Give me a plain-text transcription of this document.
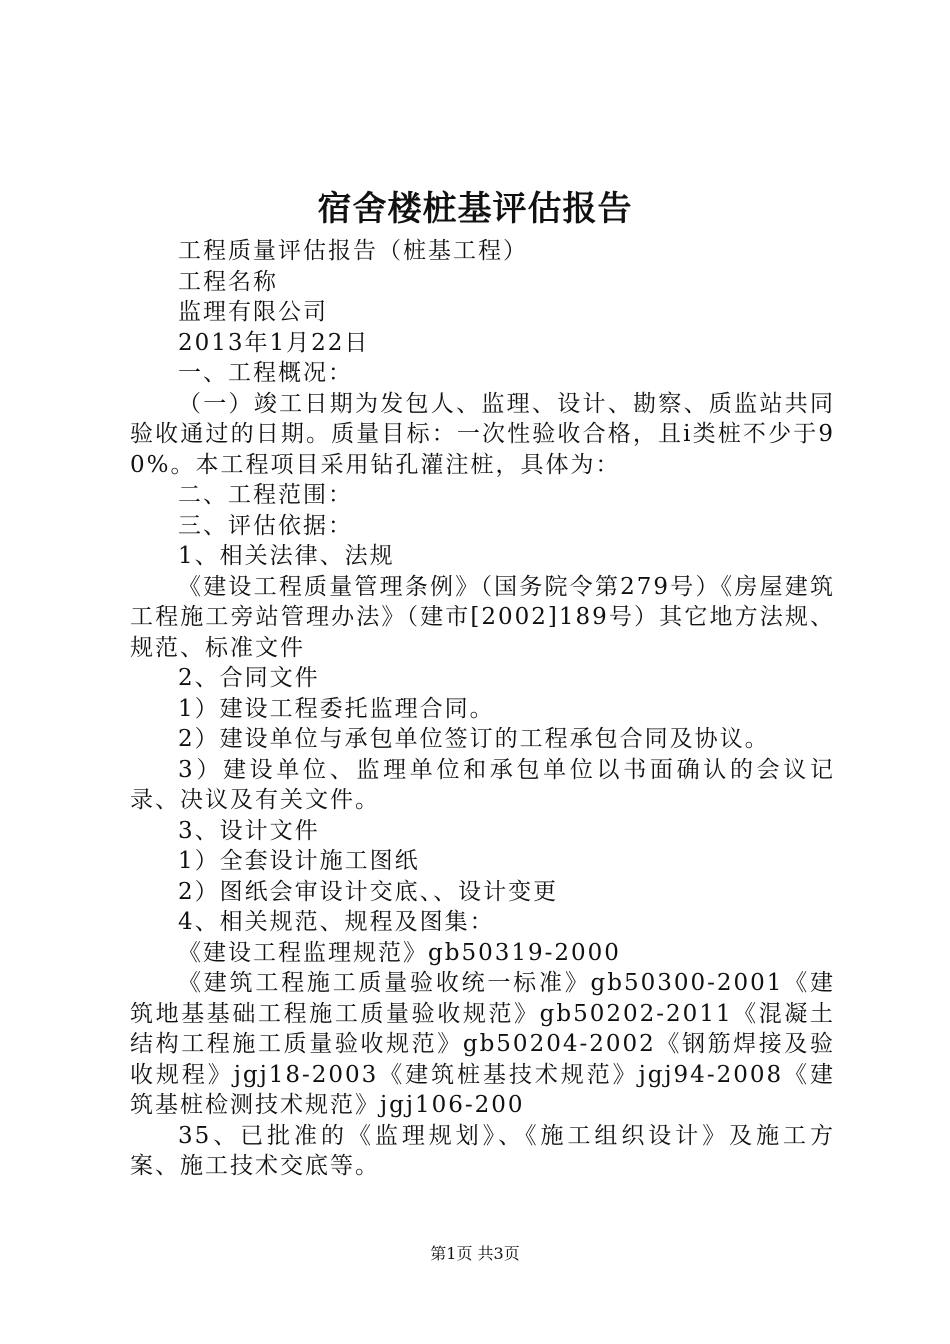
宿舍楼桩基评估报告

工程质量评估报告（桩基工程）

工程名称

监理有限公司

2013年1月22日

一、工程概况：

（一）竣工日期为发包人、监理、设计、勘察、质监站共同验收通过的日期。质量目标：一次性验收合格，且i类桩不少于90%。本工程项目采用钻孔灌注桩，具体为：

二、工程范围：

三、评估依据：

1、相关法律、法规

《建设工程质量管理条例》（国务院令第279号）《房屋建筑工程施工旁站管理办法》（建市[2002]189号）其它地方法规、规范、标准文件

2、合同文件

1）建设工程委托监理合同。

2）建设单位与承包单位签订的工程承包合同及协议。

3）建设单位、监理单位和承包单位以书面确认的会议记录、决议及有关文件。

3、设计文件

1）全套设计施工图纸

2）图纸会审设计交底、、设计变更

4、相关规范、规程及图集：

《建设工程监理规范》gb50319-2000

《建筑工程施工质量验收统一标准》gb50300-2001《建筑地基基础工程施工质量验收规范》gb50202-2011《混凝土结构工程施工质量验收规范》gb50204-2002《钢筋焊接及验收规程》jgj18-2003《建筑桩基技术规范》jgj94-2008《建筑基桩检测技术规范》jgj106-200

35、已批准的《监理规划》、《施工组织设计》及施工方案、施工技术交底等。

第1页 共3页
